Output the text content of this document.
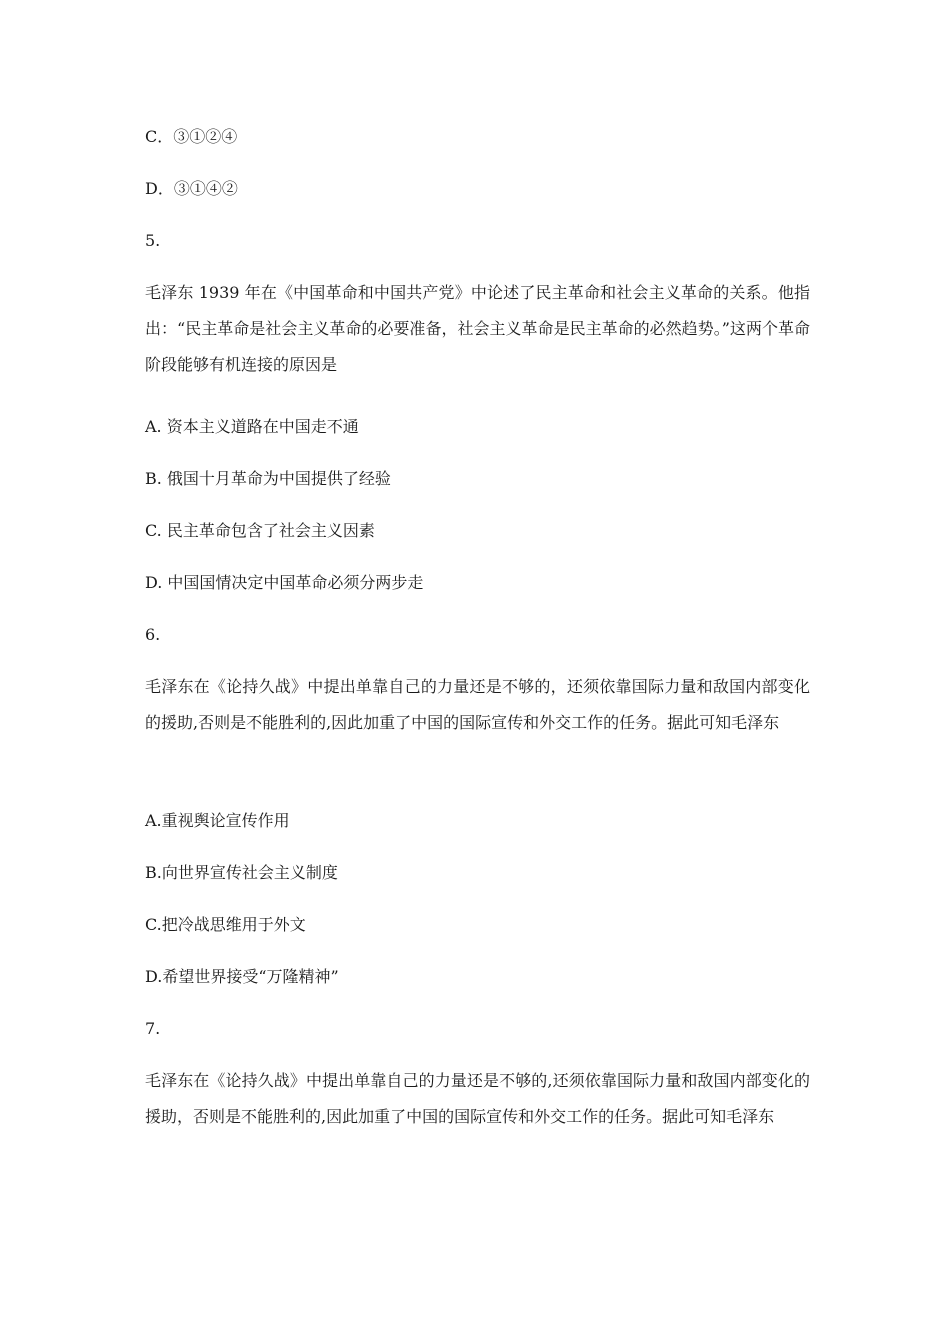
C．③①②④
D．③①④②
5.
毛泽东 1939 年在《中国革命和中国共产党》中论述了民主革命和社会主义革命的关系。他指出：“民主革命是社会主义革命的必要准备，社会主义革命是民主革命的必然趋势。”这两个革命阶段能够有机连接的原因是
A. 资本主义道路在中国走不通
B. 俄国十月革命为中国提供了经验
C. 民主革命包含了社会主义因素
D. 中国国情决定中国革命必须分两步走
6.
毛泽东在《论持久战》中提出单靠自己的力量还是不够的，还须依靠国际力量和敌国内部变化的援助,否则是不能胜利的,因此加重了中国的国际宣传和外交工作的任务。据此可知毛泽东
A.重视舆论宣传作用
B.向世界宣传社会主义制度
C.把冷战思维用于外文
D.希望世界接受“万隆精神”
7.
毛泽东在《论持久战》中提出单靠自己的力量还是不够的,还须依靠国际力量和敌国内部变化的援助，否则是不能胜利的,因此加重了中国的国际宣传和外交工作的任务。据此可知毛泽东
